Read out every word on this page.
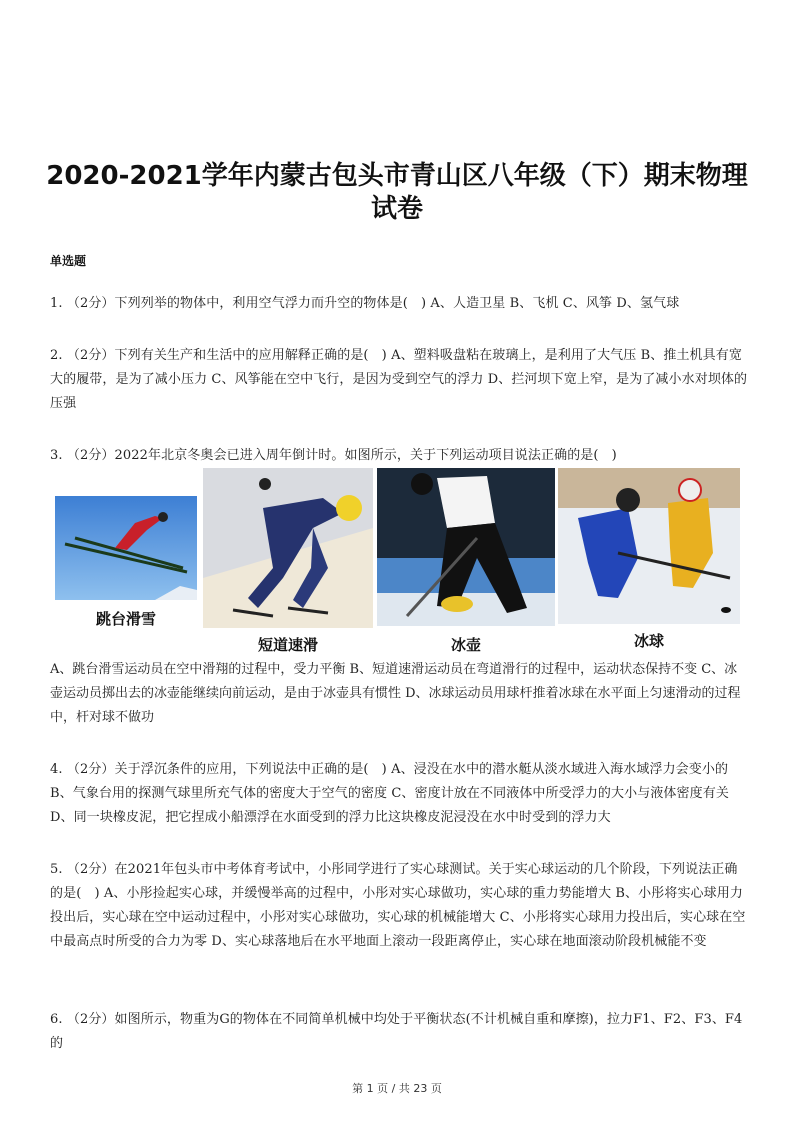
2020-2021学年内蒙古包头市青山区八年级（下）期末物理试卷
单选题
1. （2分）下列列举的物体中，利用空气浮力而升空的物体是(　) A、人造卫星 B、飞机 C、风筝 D、氢气球
2. （2分）下列有关生产和生活中的应用解释正确的是(　) A、塑料吸盘粘在玻璃上，是利用了大气压 B、推土机具有宽大的履带，是为了减小压力 C、风筝能在空中飞行，是因为受到空气的浮力 D、拦河坝下宽上窄，是为了减小水对坝体的压强
3. （2分）2022年北京冬奥会已进入周年倒计时。如图所示，关于下列运动项目说法正确的是(　)
跳台滑雪
短道速滑	冰壶	冰球
A、跳台滑雪运动员在空中滑翔的过程中，受力平衡 B、短道速滑运动员在弯道滑行的过程中，运动状态保持不变 C、冰壶运动员掷出去的冰壶能继续向前运动，是由于冰壶具有惯性 D、冰球运动员用球杆推着冰球在水平面上匀速滑动的过程中，杆对球不做功
4. （2分）关于浮沉条件的应用，下列说法中正确的是(　) A、浸没在水中的潜水艇从淡水域进入海水域浮力会变小的 B、气象台用的探测气球里所充气体的密度大于空气的密度 C、密度计放在不同液体中所受浮力的大小与液体密度有关 D、同一块橡皮泥，把它捏成小船漂浮在水面受到的浮力比这块橡皮泥浸没在水中时受到的浮力大
5. （2分）在2021年包头市中考体育考试中，小彤同学进行了实心球测试。关于实心球运动的几个阶段，下列说法正确的是(　) A、小彤捡起实心球，并缓慢举高的过程中，小彤对实心球做功，实心球的重力势能增大 B、小彤将实心球用力投出后，实心球在空中运动过程中，小彤对实心球做功，实心球的机械能增大 C、小彤将实心球用力投出后，实心球在空中最高点时所受的合力为零 D、实心球落地后在水平地面上滚动一段距离停止，实心球在地面滚动阶段机械能不变
6. （2分）如图所示，物重为G的物体在不同简单机械中均处于平衡状态(不计机械自重和摩擦)，拉力F1、F2、F3、F4的
第 1 页 / 共 23 页
